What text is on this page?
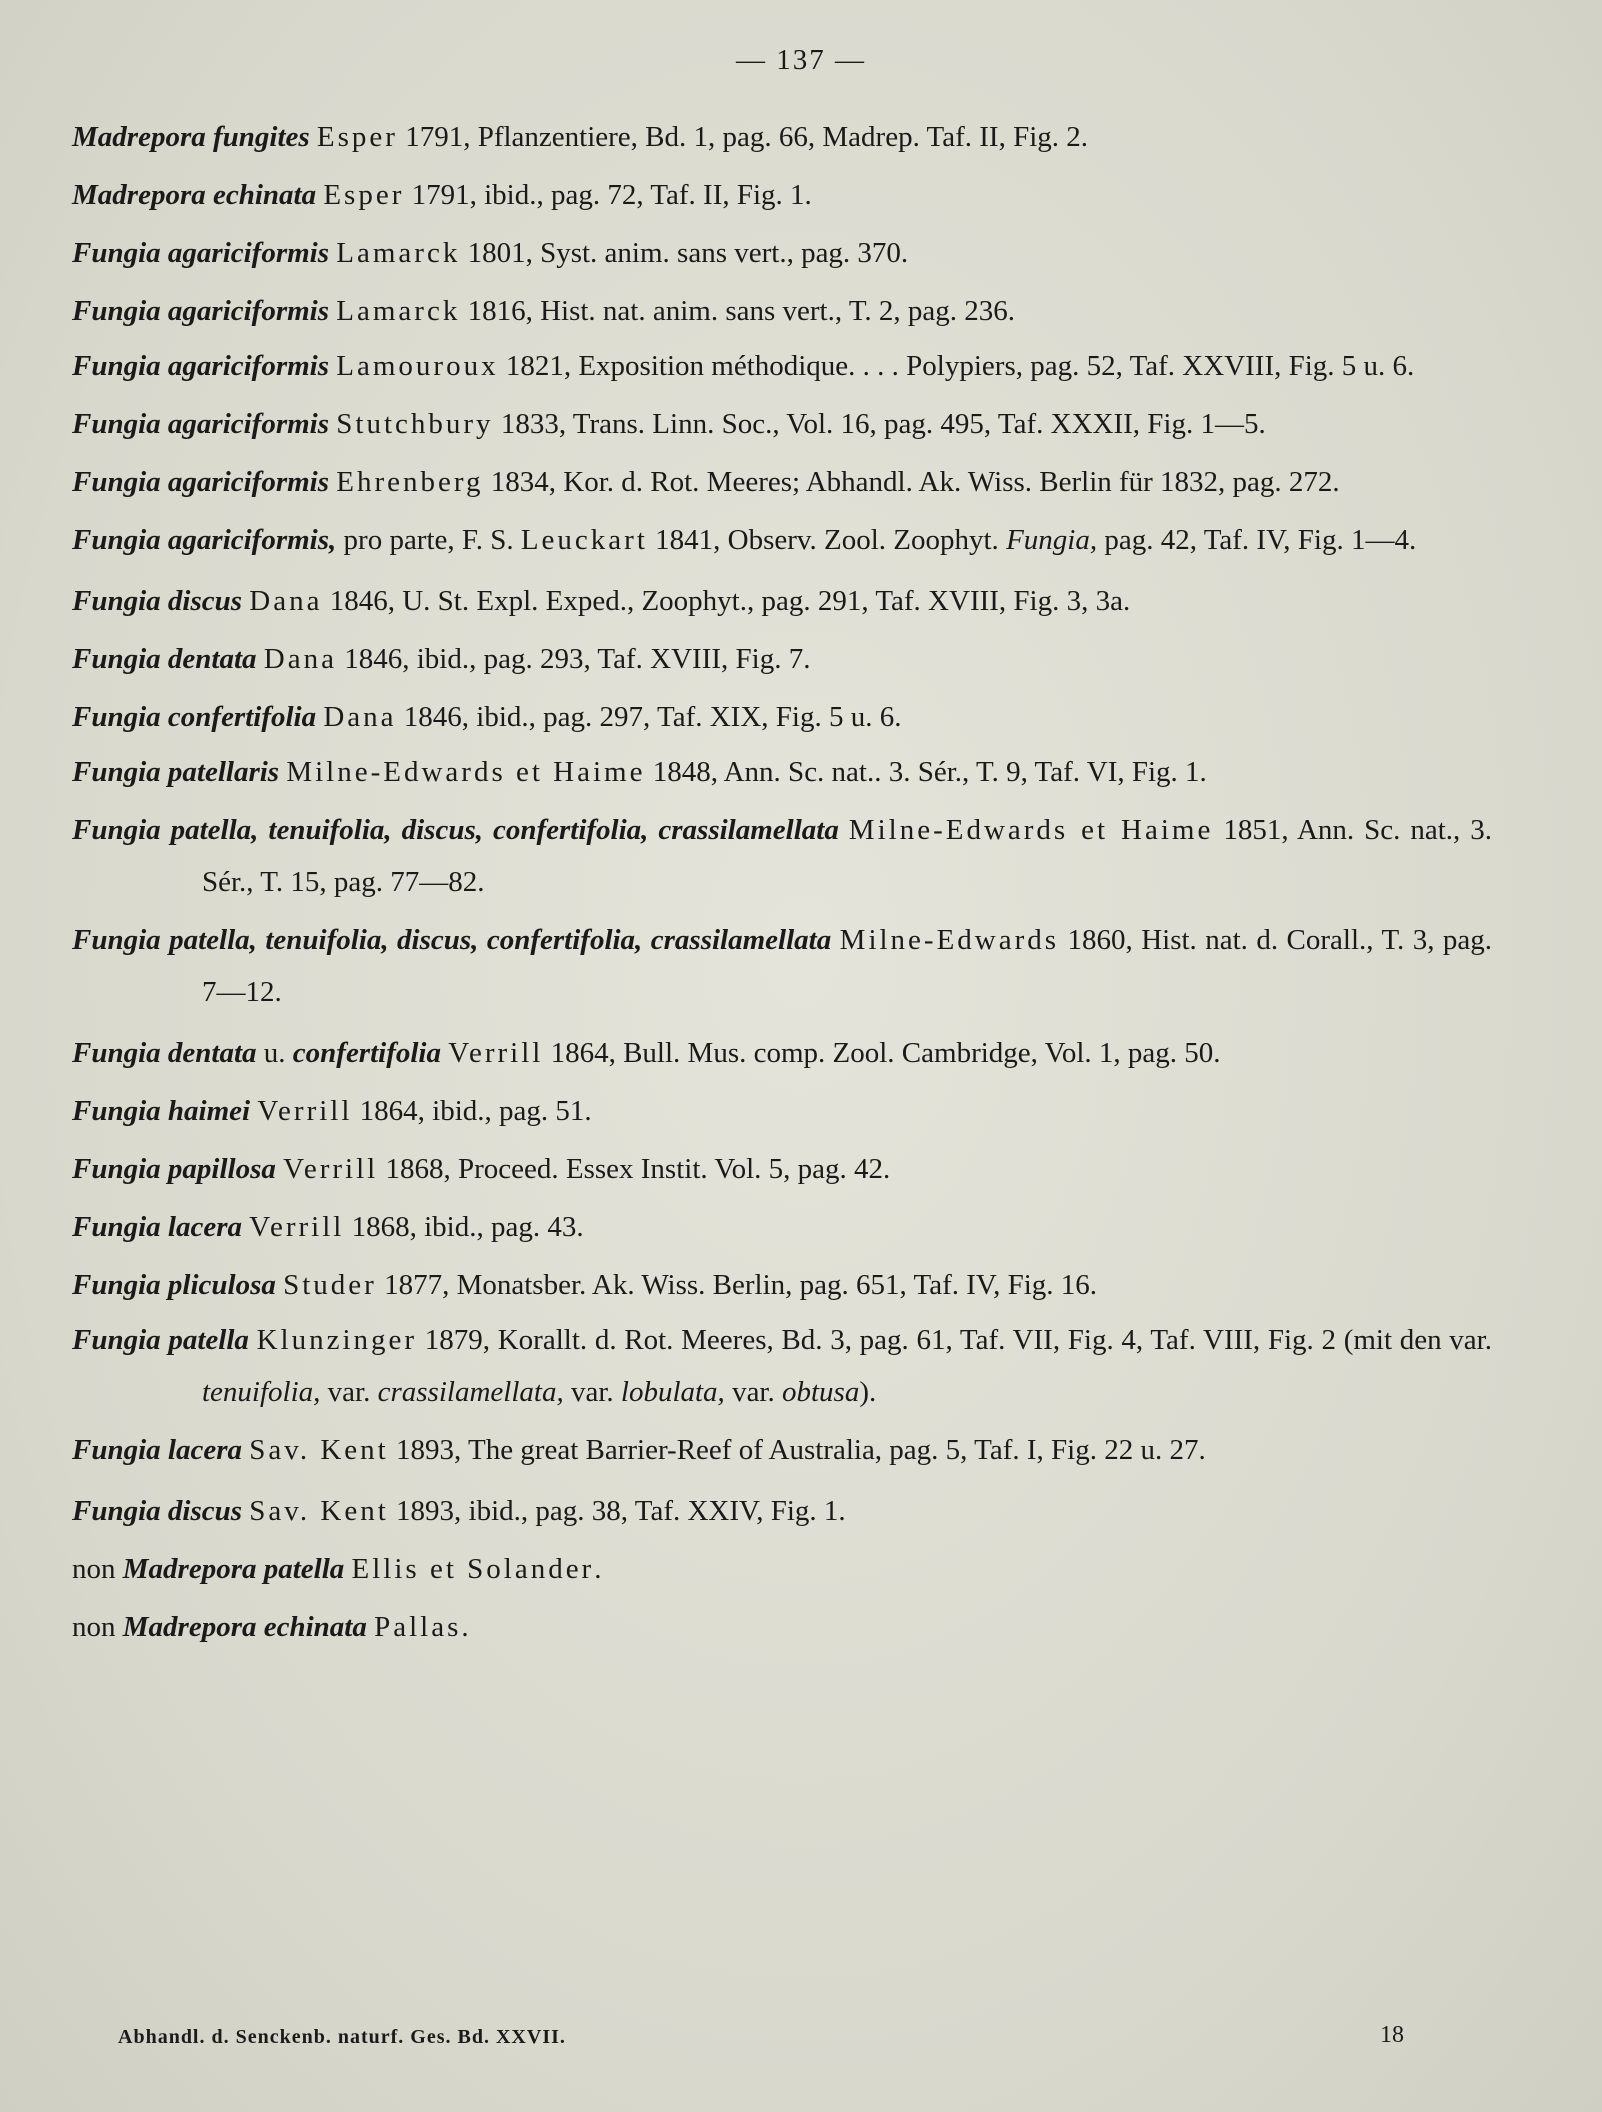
— 137 —
Madrepora fungites Esper 1791, Pflanzentiere, Bd. 1, pag. 66, Madrep. Taf. II, Fig. 2.
Madrepora echinata Esper 1791, ibid., pag. 72, Taf. II, Fig. 1.
Fungia agariciformis Lamarck 1801, Syst. anim. sans vert., pag. 370.
Fungia agariciformis Lamarck 1816, Hist. nat. anim. sans vert., T. 2, pag. 236.
Fungia agariciformis Lamouroux 1821, Exposition méthodique. . . . Polypiers, pag. 52, Taf. XXVIII, Fig. 5 u. 6.
Fungia agariciformis Stutchbury 1833, Trans. Linn. Soc., Vol. 16, pag. 495, Taf. XXXII, Fig. 1—5.
Fungia agariciformis Ehrenberg 1834, Kor. d. Rot. Meeres; Abhandl. Ak. Wiss. Berlin für 1832, pag. 272.
Fungia agariciformis, pro parte, F. S. Leuckart 1841, Observ. Zool. Zoophyt. Fungia, pag. 42, Taf. IV, Fig. 1—4.
Fungia discus Dana 1846, U. St. Expl. Exped., Zoophyt., pag. 291, Taf. XVIII, Fig. 3, 3a.
Fungia dentata Dana 1846, ibid., pag. 293, Taf. XVIII, Fig. 7.
Fungia confertifolia Dana 1846, ibid., pag. 297, Taf. XIX, Fig. 5 u. 6.
Fungia patellaris Milne-Edwards et Haime 1848, Ann. Sc. nat.. 3. Sér., T. 9, Taf. VI, Fig. 1.
Fungia patella, tenuifolia, discus, confertifolia, crassilamellata Milne-Edwards et Haime 1851, Ann. Sc. nat., 3. Sér., T. 15, pag. 77—82.
Fungia patella, tenuifolia, discus, confertifolia, crassilamellata Milne-Edwards 1860, Hist. nat. d. Corall., T. 3, pag. 7—12.
Fungia dentata u. confertifolia Verrill 1864, Bull. Mus. comp. Zool. Cambridge, Vol. 1, pag. 50.
Fungia haimei Verrill 1864, ibid., pag. 51.
Fungia papillosa Verrill 1868, Proceed. Essex Instit. Vol. 5, pag. 42.
Fungia lacera Verrill 1868, ibid., pag. 43.
Fungia pliculosa Studer 1877, Monatsber. Ak. Wiss. Berlin, pag. 651, Taf. IV, Fig. 16.
Fungia patella Klunzinger 1879, Korallt. d. Rot. Meeres, Bd. 3, pag. 61, Taf. VII, Fig. 4, Taf. VIII, Fig. 2 (mit den var. tenuifolia, var. crassilamellata, var. lobulata, var. obtusa).
Fungia lacera Sav. Kent 1893, The great Barrier-Reef of Australia, pag. 5, Taf. I, Fig. 22 u. 27.
Fungia discus Sav. Kent 1893, ibid., pag. 38, Taf. XXIV, Fig. 1.
non Madrepora patella Ellis et Solander.
non Madrepora echinata Pallas.
Abhandl. d. Senckenb. naturf. Ges. Bd. XXVII.	18
